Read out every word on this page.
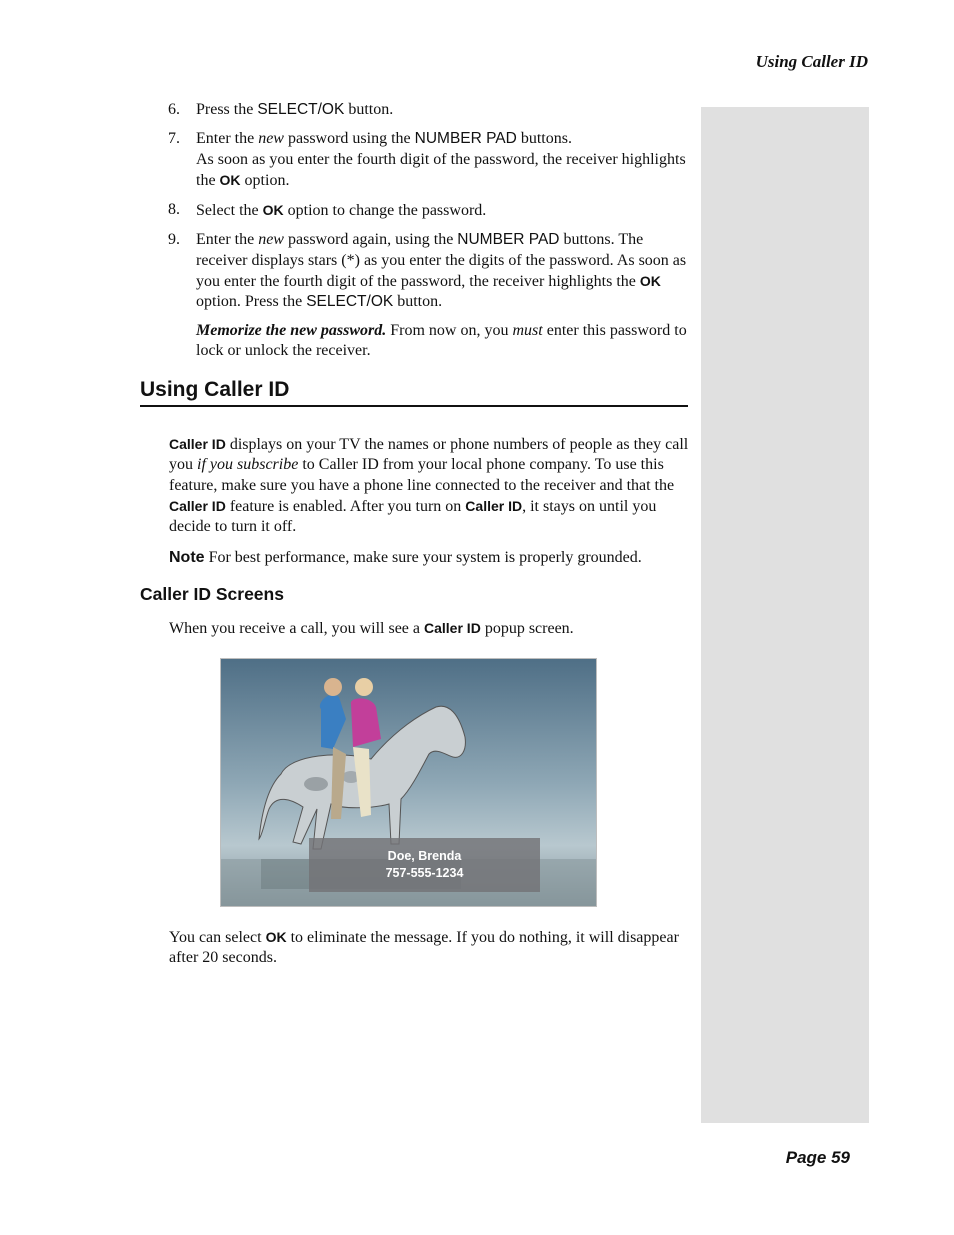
Using Caller ID
6. Press the SELECT/OK button.
7. Enter the new password using the NUMBER PAD buttons.
As soon as you enter the fourth digit of the password, the receiver highlights the OK option.
8. Select the OK option to change the password.
9. Enter the new password again, using the NUMBER PAD buttons. The receiver displays stars (*) as you enter the digits of the password. As soon as you enter the fourth digit of the password, the receiver highlights the OK option. Press the SELECT/OK button.
Memorize the new password. From now on, you must enter this password to lock or unlock the receiver.
Using Caller ID
Caller ID displays on your TV the names or phone numbers of people as they call you if you subscribe to Caller ID from your local phone company. To use this feature, make sure you have a phone line connected to the receiver and that the Caller ID feature is enabled. After you turn on Caller ID, it stays on until you decide to turn it off.
Note For best performance, make sure your system is properly grounded.
Caller ID Screens
When you receive a call, you will see a Caller ID popup screen.
Doe, Brenda
757-555-1234
You can select OK to eliminate the message. If you do nothing, it will disappear after 20 seconds.
Page 59
